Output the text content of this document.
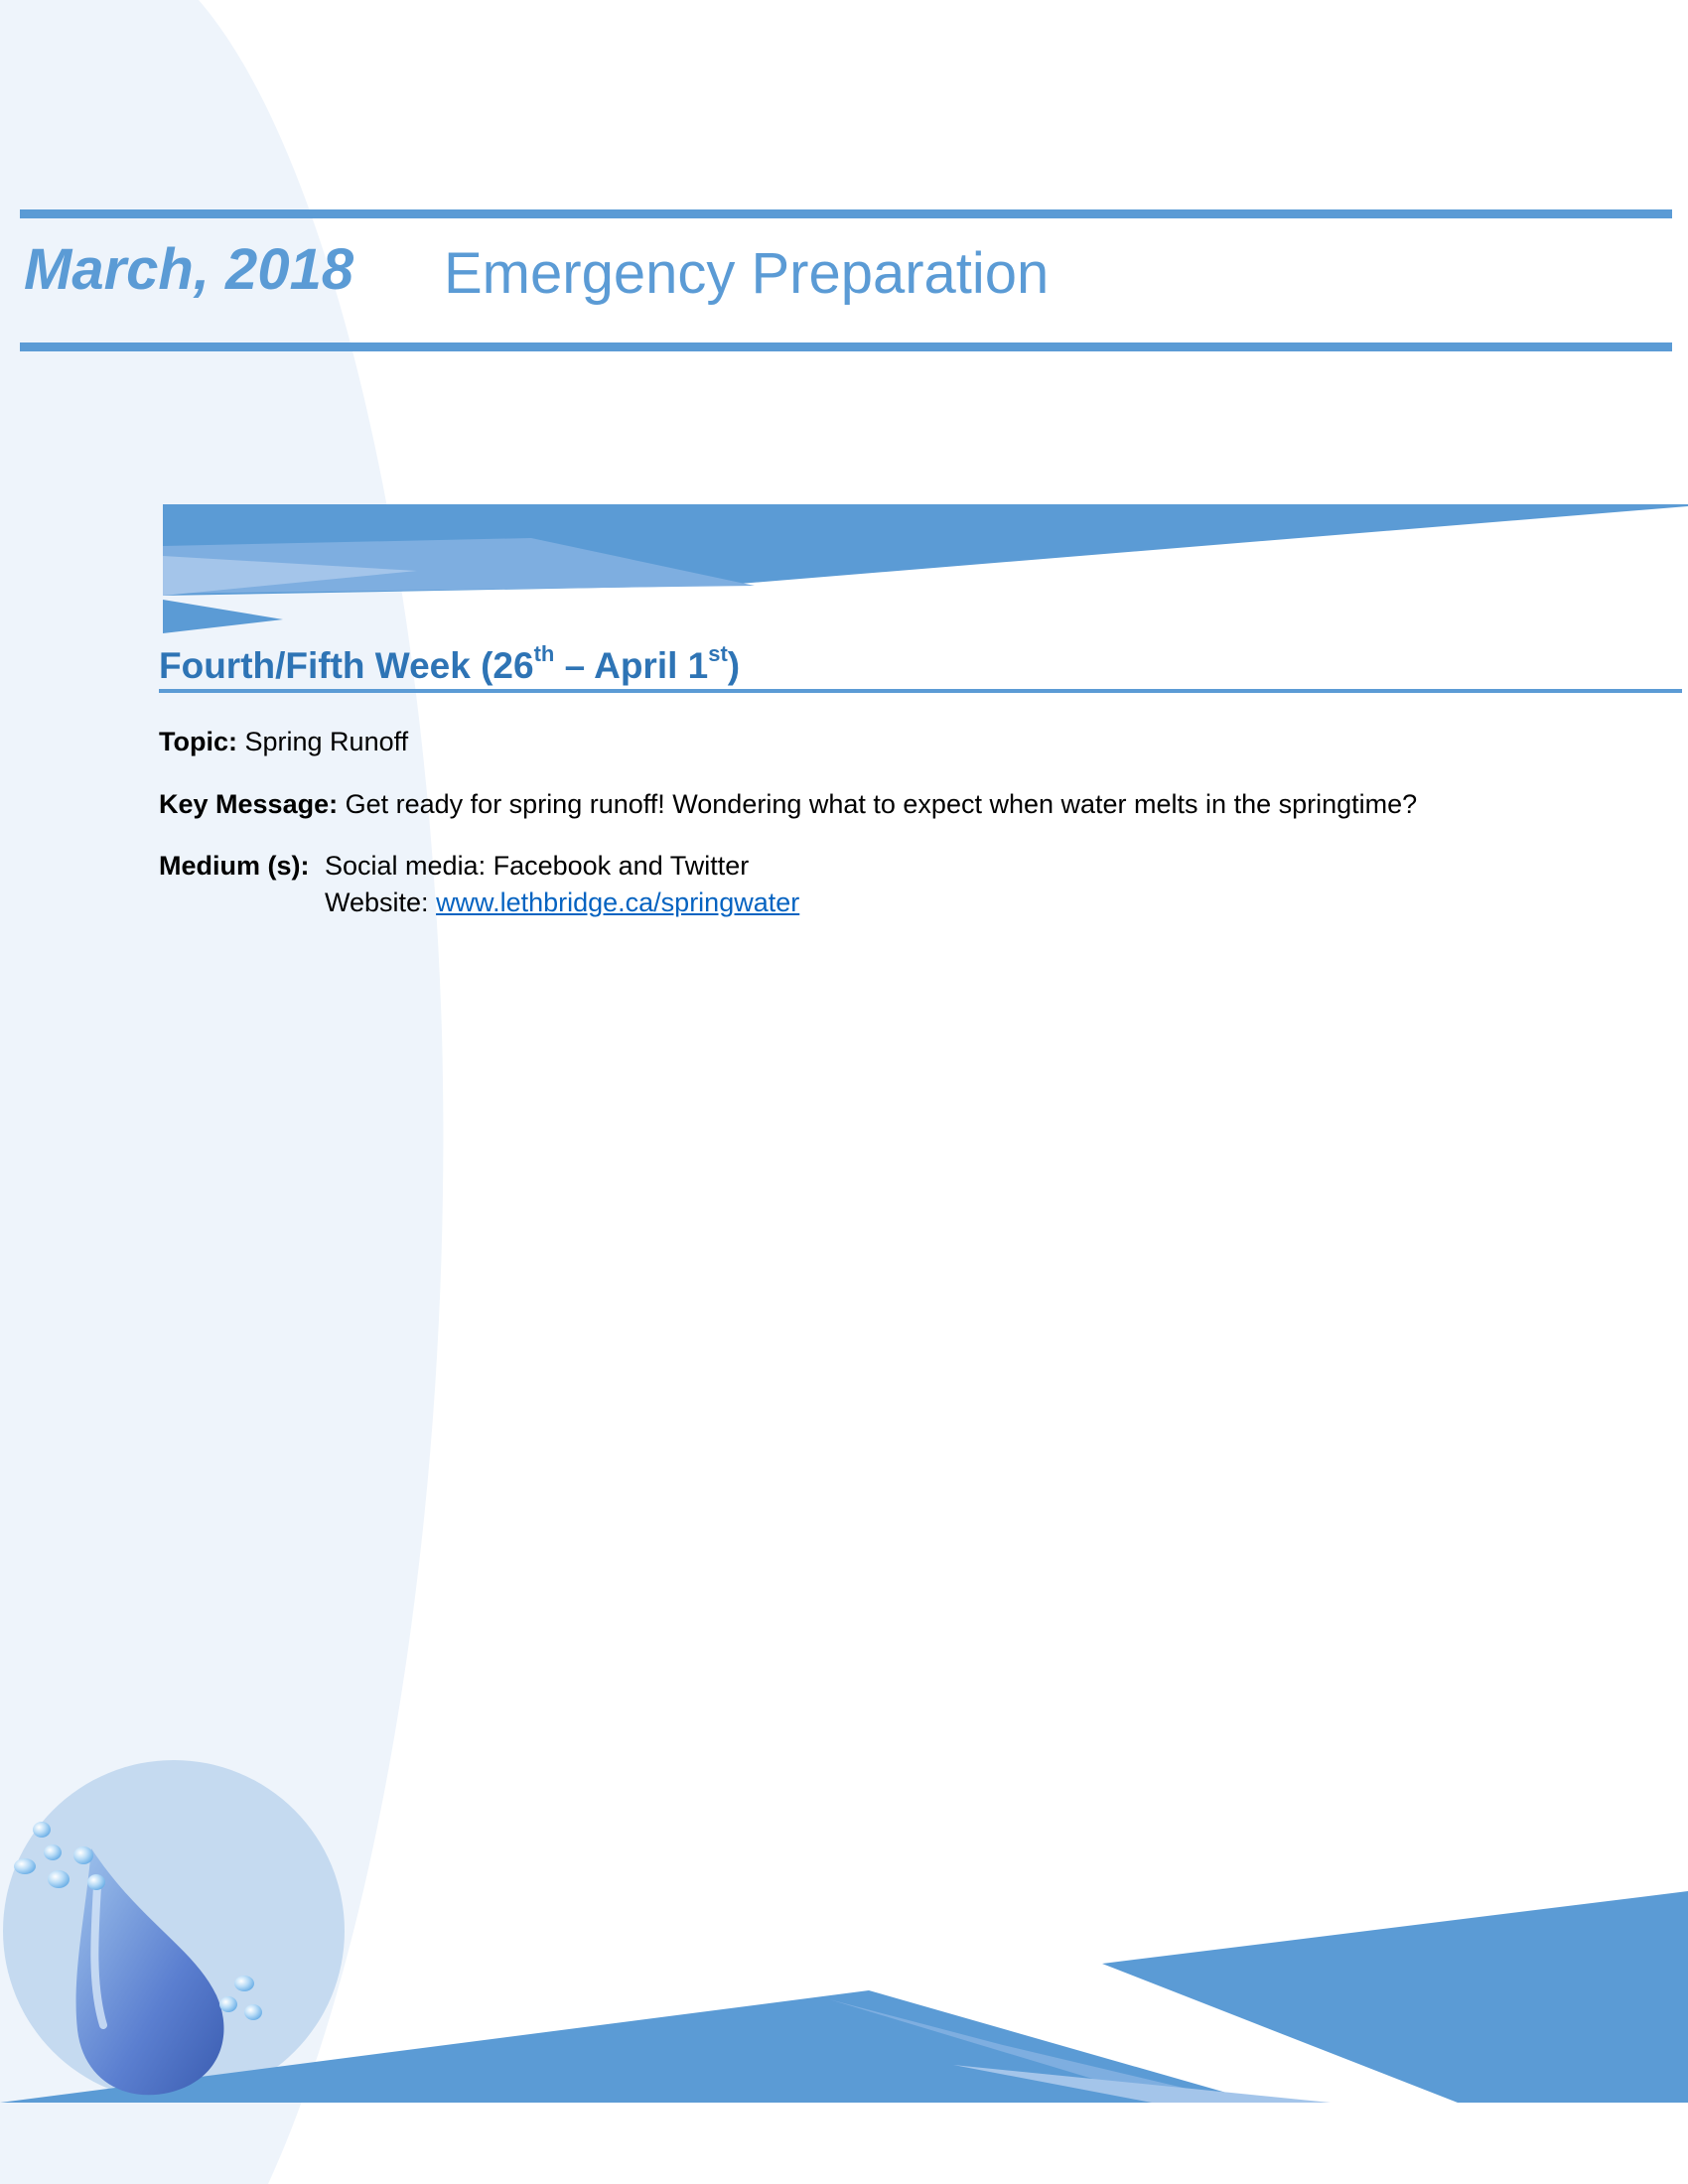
March, 2018 Emergency Preparation
Fourth/Fifth Week (26th – April 1st)
Topic: Spring Runoff
Key Message: Get ready for spring runoff! Wondering what to expect when water melts in the springtime?
Medium (s): Social media: Facebook and Twitter
Website: www.lethbridge.ca/springwater
